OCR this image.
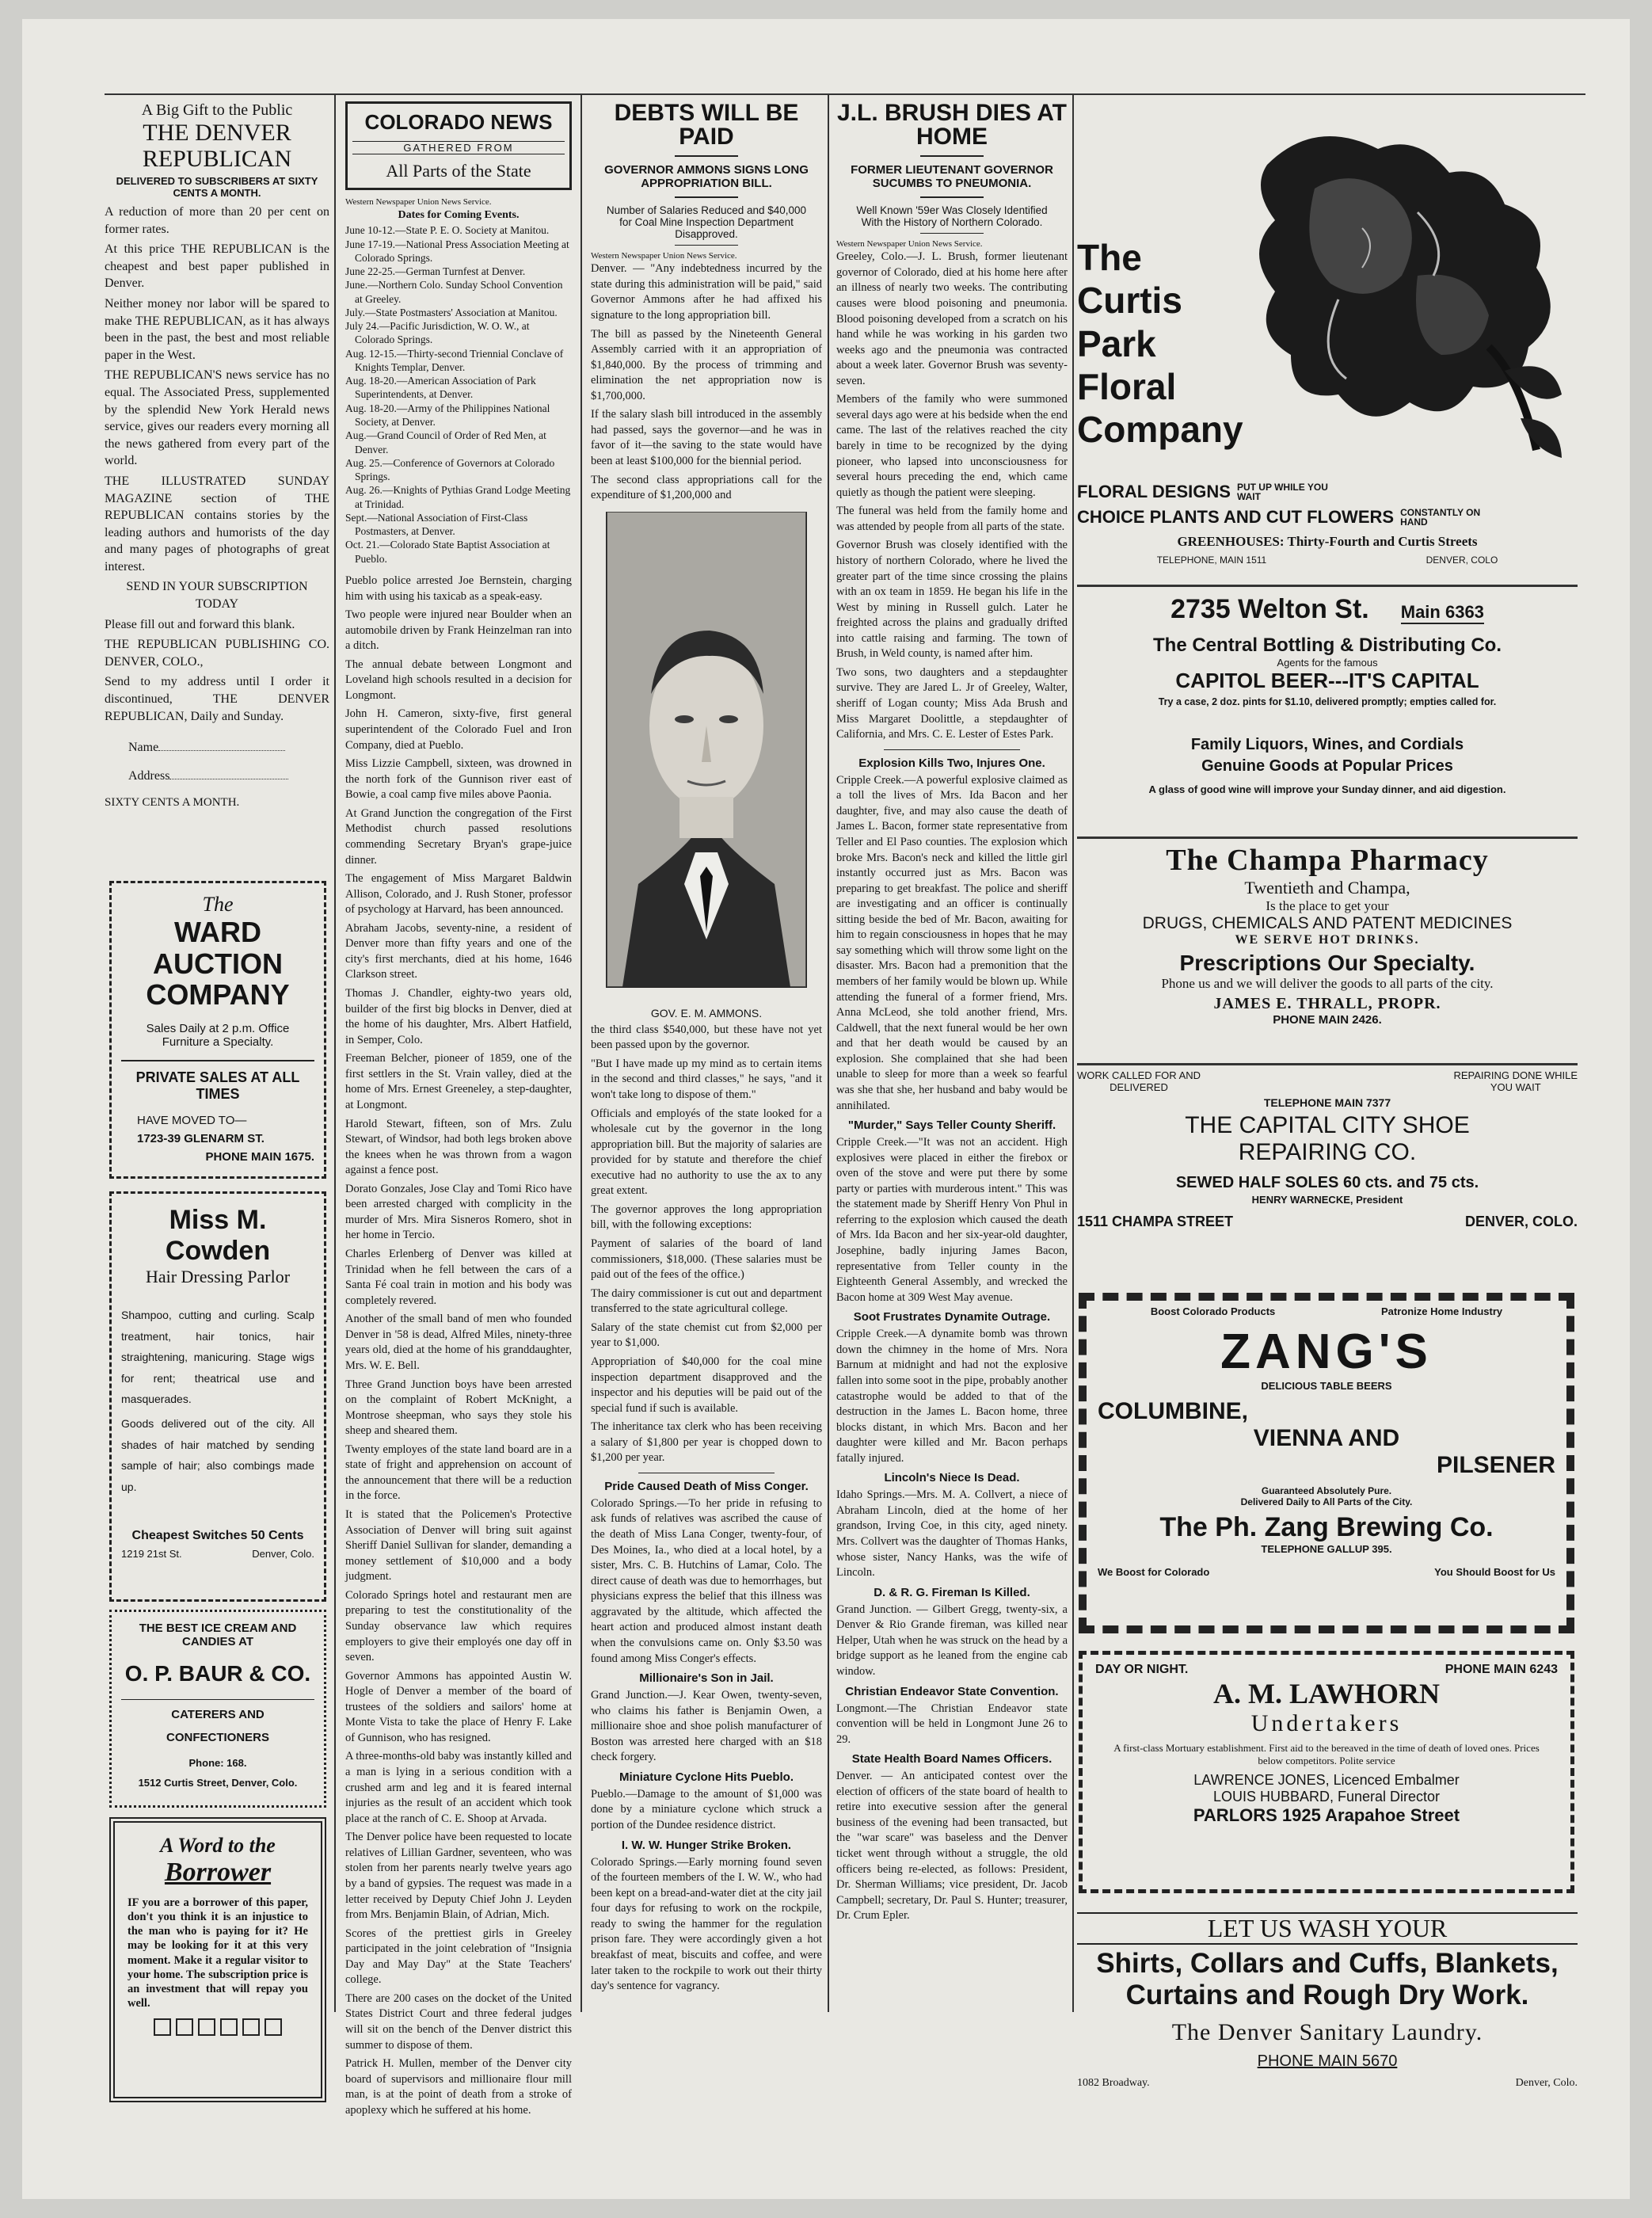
A Big Gift to the Public
THE DENVER REPUBLICAN
DELIVERED TO SUBSCRIBERS AT SIXTY CENTS A MONTH.

A reduction of more than 20 per cent on former rates.

At this price THE REPUBLICAN is the cheapest and best paper published in Denver.

Neither money nor labor will be spared to make THE REPUBLICAN, as it has always been in the past, the best and most reliable paper in the West.

THE REPUBLICAN'S news service has no equal. The Associated Press, supplemented by the splendid New York Herald news service, gives our readers every morning all the news gathered from every part of the world.

THE ILLUSTRATED SUNDAY MAGAZINE section of THE REPUBLICAN contains stories by the leading authors and humorists of the day and many pages of photographs of great interest.

SEND IN YOUR SUBSCRIPTION TODAY

Please fill out and forward this blank.

THE REPUBLICAN PUBLISHING CO. DENVER, COLO.,

Send to my address until I order it discontinued, THE DENVER REPUBLICAN, Daily and Sunday.

Name
Address
SIXTY CENTS A MONTH.
The
WARD AUCTION COMPANY
Sales Daily at 2 p.m. Office Furniture a Specialty.
PRIVATE SALES AT ALL TIMES
HAVE MOVED TO—
1723-39 GLENARM ST.
PHONE MAIN 1675.
Miss M. Cowden
Hair Dressing Parlor
Shampoo, cutting and curling. Scalp treatment, hair tonics, hair straightening, manicuring. Stage wigs for rent; theatrical use and masquerades.
Goods delivered out of the city. All shades of hair matched by sending sample of hair; also combings made up.
Cheapest Switches 50 Cents
1219 21st St.	Denver, Colo.
THE BEST ICE CREAM AND CANDIES AT
O. P. BAUR & CO.
CATERERS AND
CONFECTIONERS
Phone: 168.
1512 Curtis Street, Denver, Colo.
A Word to the
Borrower
IF you are a borrower of this paper, don't you think it is an injustice to the man who is paying for it? He may be looking for it at this very moment. Make it a regular visitor to your home. The subscription price is an investment that will repay you well.
COLORADO NEWS
GATHERED FROM
All Parts of the State
Western Newspaper Union News Service.
Dates for Coming Events.

June 10-12.—State P. E. O. Society at Manitou.

June 17-19.—National Press Association Meeting at Colorado Springs.

June 22-25.—German Turnfest at Denver.

June.—Northern Colo. Sunday School Convention at Greeley.

July.—State Postmasters' Association at Manitou.

July 24.—Pacific Jurisdiction, W. O. W., at Colorado Springs.

Aug. 12-15.—Thirty-second Triennial Conclave of Knights Templar, Denver.

Aug. 18-20.—American Association of Park Superintendents, at Denver.

Aug. 18-20.—Army of the Philippines National Society, at Denver.

Aug.—Grand Council of Order of Red Men, at Denver.

Aug. 25.—Conference of Governors at Colorado Springs.

Aug. 26.—Knights of Pythias Grand Lodge Meeting at Trinidad.

Sept.—National Association of First-Class Postmasters, at Denver.

Oct. 21.—Colorado State Baptist Association at Pueblo.

Pueblo police arrested Joe Bernstein, charging him with using his taxicab as a speak-easy.

Two people were injured near Boulder when an automobile driven by Frank Heinzelman ran into a ditch.

The annual debate between Longmont and Loveland high schools resulted in a decision for Longmont.

John H. Cameron, sixty-five, first general superintendent of the Colorado Fuel and Iron Company, died at Pueblo.

Miss Lizzie Campbell, sixteen, was drowned in the north fork of the Gunnison river east of Bowie, a coal camp five miles above Paonia.

At Grand Junction the congregation of the First Methodist church passed resolutions commending Secretary Bryan's grape-juice dinner.

The engagement of Miss Margaret Baldwin Allison, Colorado, and J. Rush Stoner, professor of psychology at Harvard, has been announced.

Abraham Jacobs, seventy-nine, a resident of Denver more than fifty years and one of the city's first merchants, died at his home, 1646 Clarkson street.

Thomas J. Chandler, eighty-two years old, builder of the first big blocks in Denver, died at the home of his daughter, Mrs. Albert Hatfield, in Semper, Colo.

Freeman Belcher, pioneer of 1859, one of the first settlers in the St. Vrain valley, died at the home of Mrs. Ernest Greeneley, a step-daughter, at Longmont.

Harold Stewart, fifteen, son of Mrs. Zulu Stewart, of Windsor, had both legs broken above the knees when he was thrown from a wagon against a fence post.

Dorato Gonzales, Jose Clay and Tomi Rico have been arrested charged with complicity in the murder of Mrs. Mira Sisneros Romero, shot in her home in Tercio.

Charles Erlenberg of Denver was killed at Trinidad when he fell between the cars of a Santa Fé coal train in motion and his body was completely revered.

Another of the small band of men who founded Denver in '58 is dead, Alfred Miles, ninety-three years old, died at the home of his granddaughter, Mrs. W. E. Bell.

Three Grand Junction boys have been arrested on the complaint of Robert McKnight, a Montrose sheepman, who says they stole his sheep and sheared them.

Twenty employes of the state land board are in a state of fright and apprehension on account of the announcement that there will be a reduction in the force.

It is stated that the Policemen's Protective Association of Denver will bring suit against Sheriff Daniel Sullivan for slander, demanding a money settlement of $10,000 and a body judgment.

Colorado Springs hotel and restaurant men are preparing to test the constitutionality of the Sunday observance law which requires employers to give their employés one day off in seven.

Governor Ammons has appointed Austin W. Hogle of Denver a member of the board of trustees of the soldiers and sailors' home at Monte Vista to take the place of Henry F. Lake of Gunnison, who has resigned.

A three-months-old baby was instantly killed and a man is lying in a serious condition with a crushed arm and leg and it is feared internal injuries as the result of an accident which took place at the ranch of C. E. Shoop at Arvada.

The Denver police have been requested to locate relatives of Lillian Gardner, seventeen, who was stolen from her parents nearly twelve years ago by a band of gypsies. The request was made in a letter received by Deputy Chief John J. Leyden from Mrs. Benjamin Blain, of Adrian, Mich.

Scores of the prettiest girls in Greeley participated in the joint celebration of "Insignia Day and May Day" at the State Teachers' college.

There are 200 cases on the docket of the United States District Court and three federal judges will sit on the bench of the Denver district this summer to dispose of them.

Patrick H. Mullen, member of the Denver city board of supervisors and millionaire flour mill man, is at the point of death from a stroke of apoplexy which he suffered at his home.

DEBTS WILL BE PAID
GOVERNOR AMMONS SIGNS LONG APPROPRIATION BILL.
Number of Salaries Reduced and $40,000 for Coal Mine Inspection Department Disapproved.
Western Newspaper Union News Service.

Denver. — "Any indebtedness incurred by the state during this administration will be paid," said Governor Ammons after he had affixed his signature to the long appropriation bill.

The bill as passed by the Nineteenth General Assembly carried with it an appropriation of $1,840,000. By the process of trimming and elimination the net appropriation now is $1,700,000.

If the salary slash bill introduced in the assembly had passed, says the governor—and he was in favor of it—the saving to the state would have been at least $100,000 for the biennial period.

The second class appropriations call for the expenditure of $1,200,000 and

GOV. E. M. AMMONS.

the third class $540,000, but these have not yet been passed upon by the governor.

"But I have made up my mind as to certain items in the second and third classes," he says, "and it won't take long to dispose of them."

Officials and employés of the state looked for a wholesale cut by the governor in the long appropriation bill. But the majority of salaries are provided for by statute and therefore the chief executive had no authority to use the ax to any great extent.

The governor approves the long appropriation bill, with the following exceptions:

Payment of salaries of the board of land commissioners, $18,000. (These salaries must be paid out of the fees of the office.)

The dairy commissioner is cut out and department transferred to the state agricultural college.

Salary of the state chemist cut from $2,000 per year to $1,000.

Appropriation of $40,000 for the coal mine inspection department disapproved and the inspector and his deputies will be paid out of the special fund if such is available.

The inheritance tax clerk who has been receiving a salary of $1,800 per year is chopped down to $1,200 per year.

Pride Caused Death of Miss Conger.

Colorado Springs.—To her pride in refusing to ask funds of relatives was ascribed the cause of the death of Miss Lana Conger, twenty-four, of Des Moines, Ia., who died at a local hotel, by a sister, Mrs. C. B. Hutchins of Lamar, Colo. The direct cause of death was due to hemorrhages, but physicians express the belief that this illness was aggravated by the altitude, which affected the heart action and produced almost instant death when the convulsions came on. Only $3.50 was found among Miss Conger's effects.

Millionaire's Son in Jail.

Grand Junction.—J. Kear Owen, twenty-seven, who claims his father is Benjamin Owen, a millionaire shoe and shoe polish manufacturer of Boston was arrested here charged with an $18 check forgery.

Miniature Cyclone Hits Pueblo.

Pueblo.—Damage to the amount of $1,000 was done by a miniature cyclone which struck a portion of the Dundee residence district.

I. W. W. Hunger Strike Broken.

Colorado Springs.—Early morning found seven of the fourteen members of the I. W. W., who had been kept on a bread-and-water diet at the city jail four days for refusing to work on the rockpile, ready to swing the hammer for the regulation prison fare. They were accordingly given a hot breakfast of meat, biscuits and coffee, and were later taken to the rockpile to work out their thirty day's sentence for vagrancy.

J.L. BRUSH DIES AT HOME
FORMER LIEUTENANT GOVERNOR SUCUMBS TO PNEUMONIA.
Well Known '59er Was Closely Identified With the History of Northern Colorado.
Western Newspaper Union News Service.

Greeley, Colo.—J. L. Brush, former lieutenant governor of Colorado, died at his home here after an illness of nearly two weeks. The contributing causes were blood poisoning and pneumonia. Blood poisoning developed from a scratch on his hand while he was working in his garden two weeks ago and the pneumonia was contracted about a week later. Governor Brush was seventy-seven.

Members of the family who were summoned several days ago were at his bedside when the end came. The last of the relatives reached the city barely in time to be recognized by the dying pioneer, who lapsed into unconsciousness for several hours preceding the end, which came quietly as though the patient were sleeping.

The funeral was held from the family home and was attended by people from all parts of the state.

Governor Brush was closely identified with the history of northern Colorado, where he lived the greater part of the time since crossing the plains with an ox team in 1859. He began his life in the West by mining in Russell gulch. Later he freighted across the plains and gradually drifted into cattle raising and farming. The town of Brush, in Weld county, is named after him.

Two sons, two daughters and a stepdaughter survive. They are Jared L. Jr of Greeley, Walter, sheriff of Logan county; Miss Ada Brush and Miss Margaret Doolittle, a stepdaughter of California, and Mrs. C. E. Lester of Estes Park.

Explosion Kills Two, Injures One.

Cripple Creek.—A powerful explosive claimed as a toll the lives of Mrs. Ida Bacon and her daughter, five, and may also cause the death of James L. Bacon, former state representative from Teller and El Paso counties. The explosion which broke Mrs. Bacon's neck and killed the little girl instantly occurred just as Mrs. Bacon was preparing to get breakfast. The police and sheriff are investigating and an officer is continually sitting beside the bed of Mr. Bacon, awaiting for him to regain consciousness in hopes that he may say something which will throw some light on the disaster. Mrs. Bacon had a premonition that the members of her family would be blown up. While attending the funeral of a former friend, Mrs. Anna McLeod, she told another friend, Mrs. Caldwell, that the next funeral would be her own and that her death would be caused by an explosion. She complained that she had been unable to sleep for more than a week so fearful was she that she, her husband and baby would be annihilated.

"Murder," Says Teller County Sheriff.

Cripple Creek.—"It was not an accident. High explosives were placed in either the firebox or oven of the stove and were put there by some party or parties with murderous intent." This was the statement made by Sheriff Henry Von Phul in referring to the explosion which caused the death of Mrs. Ida Bacon and her six-year-old daughter, Josephine, badly injuring James Bacon, representative from Teller county in the Eighteenth General Assembly, and wrecked the Bacon home at 309 West May avenue.

Soot Frustrates Dynamite Outrage.

Cripple Creek.—A dynamite bomb was thrown down the chimney in the home of Mrs. Nora Barnum at midnight and had not the explosive fallen into some soot in the pipe, probably another catastrophe would be added to that of the destruction in the James L. Bacon home, three blocks distant, in which Mrs. Bacon and her daughter were killed and Mr. Bacon perhaps fatally injured.

Lincoln's Niece Is Dead.

Idaho Springs.—Mrs. M. A. Collvert, a niece of Abraham Lincoln, died at the home of her grandson, Irving Coe, in this city, aged ninety. Mrs. Collvert was the daughter of Thomas Hanks, whose sister, Nancy Hanks, was the wife of Lincoln.

D. & R. G. Fireman Is Killed.

Grand Junction. — Gilbert Gregg, twenty-six, a Denver & Rio Grande fireman, was killed near Helper, Utah when he was struck on the head by a bridge support as he leaned from the engine cab window.

Christian Endeavor State Convention.

Longmont.—The Christian Endeavor state convention will be held in Longmont June 26 to 29.

State Health Board Names Officers.

Denver. — An anticipated contest over the election of officers of the state board of health to retire into executive session after the general business of the evening had been transacted, but the "war scare" was baseless and the Denver ticket went through without a struggle, the old officers being re-elected, as follows: President, Dr. Sherman Williams; vice president, Dr. Jacob Campbell; secretary, Dr. Paul S. Hunter; treasurer, Dr. Crum Epler.

The
Curtis
Park
Floral
Company
FLORAL DESIGNS PUT UP WHILE YOU WAIT
CHOICE PLANTS AND CUT FLOWERS CONSTANTLY ON HAND
GREENHOUSES: Thirty-Fourth and Curtis Streets
TELEPHONE, MAIN 1511	DENVER, COLO
2735 Welton St. Main 6363
The Central Bottling & Distributing Co.
Agents for the famous
CAPITOL BEER---IT'S CAPITAL
Try a case, 2 doz. pints for $1.10, delivered promptly; empties called for.
Family Liquors, Wines, and Cordials
Genuine Goods at Popular Prices
A glass of good wine will improve your Sunday dinner, and aid digestion.
The Champa Pharmacy
Twentieth and Champa,
Is the place to get your
DRUGS, CHEMICALS AND PATENT MEDICINES
WE SERVE HOT DRINKS.
Prescriptions Our Specialty.
Phone us and we will deliver the goods to all parts of the city.
JAMES E. THRALL, PROPR.
PHONE MAIN 2426.
WORK CALLED FOR AND
DELIVERED
REPAIRING DONE WHILE
YOU WAIT
TELEPHONE MAIN 7377
THE CAPITAL CITY SHOE
REPAIRING CO.
SEWED HALF SOLES 60 cts. and 75 cts.
HENRY WARNECKE, President
1511 CHAMPA STREET	DENVER, COLO.
Boost Colorado Products	Patronize Home Industry
ZANG'S
DELICIOUS TABLE BEERS
COLUMBINE,
VIENNA AND
PILSENER
Guaranteed Absolutely Pure.
Delivered Daily to All Parts of the City.
The Ph. Zang Brewing Co.
TELEPHONE GALLUP 395.
We Boost for Colorado	You Should Boost for Us
DAY OR NIGHT.	PHONE MAIN 6243
A. M. LAWHORN
Undertakers
A first-class Mortuary establishment. First aid to the bereaved in the time of death of loved ones. Prices below competitors. Polite service
LAWRENCE JONES, Licenced Embalmer
LOUIS HUBBARD, Funeral Director
PARLORS 1925 Arapahoe Street
LET US WASH YOUR
Shirts, Collars and Cuffs, Blankets,
Curtains and Rough Dry Work.
The Denver Sanitary Laundry.
PHONE MAIN 5670
1082 Broadway.	Denver, Colo.
